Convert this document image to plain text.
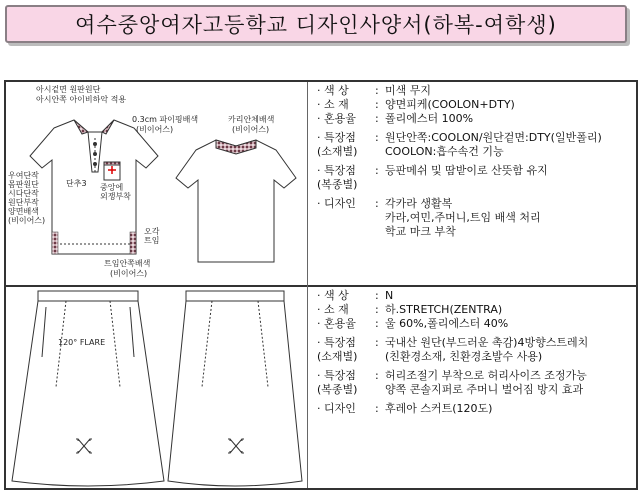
여수중앙여자고등학교 디자인사양서(하복-여학생)
아시겉면 원판원단
아시안쪽 아이비하악 적용
0.3cm 파이핑배색
(비이어스)
단추3 중앙에
외쟁부착
우여단작
몸판원단
시다단작
원단부작
양면배색
(비이어스)
오각
트임
트임안쪽배색
(비이어스)
카리안체배색
(비이어스)
· 색 상	: 미색 무지
· 소 재	: 양면피케(COOLON+DTY)
· 혼용율	: 폴리에스터 100%
· 특장점	: 원단안쪽:COOLON/원단겉면:DTY(일반폴리)
(소재별)	COOLON:흡수속건 기능
· 특장점	: 등판메쉬 및 땀받이로 산뜻함 유지
(복종별)
· 디자인	: 각카라 생활복
카라,여민,주머니,트임 배색 처리
학교 마크 부착
120° FLARE
· 색 상	: N
· 소 재	: 하.STRETCH(ZENTRA)
· 혼용율	: 울 60%,폴리에스터 40%
· 특장점	: 국내산 원단(부드러운 촉감)4방향스트레치
(소재별)	(친환경소재, 친환경초발수 사용)
· 특장점	: 허리조절기 부착으로 허리사이즈 조정가능
(복종별)	양쪽 콘솔지퍼로 주머니 벌어짐 방지 효과
· 디자인	: 후레아 스커트(120도)
